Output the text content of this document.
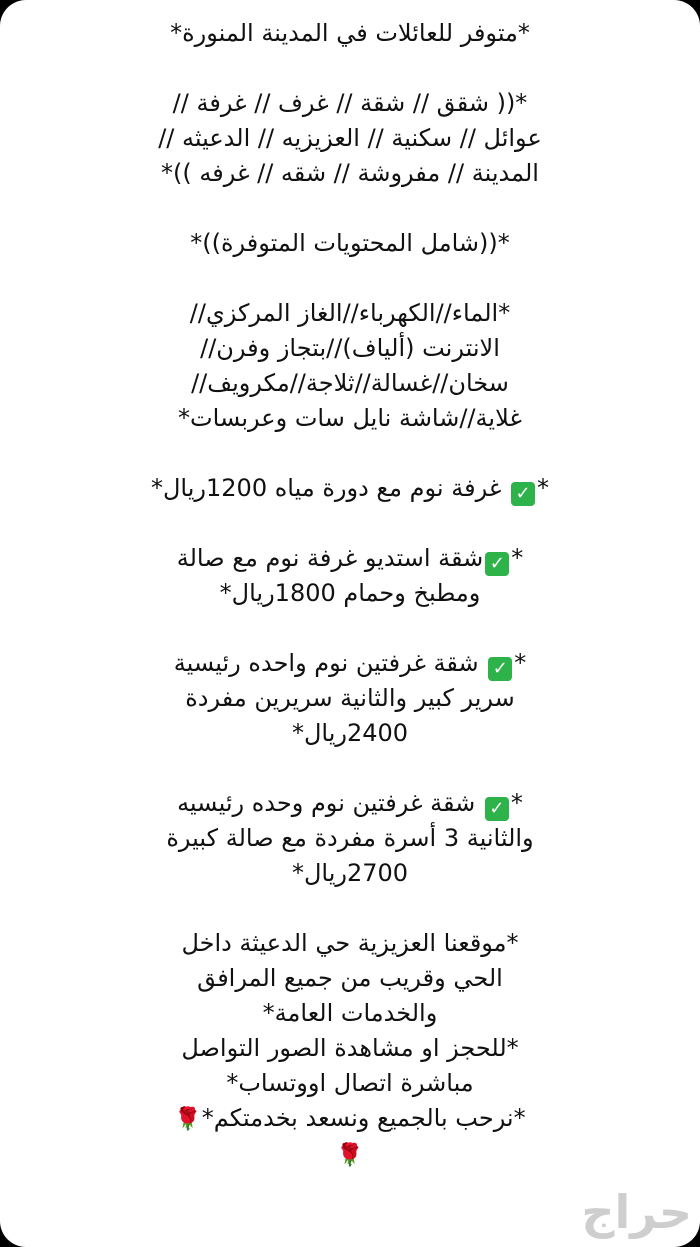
*متوفر للعائلات في المدينة المنورة*
*(( شقق // شقة // غرف // غرفة //
عوائل // سكنية // العزيزيه // الدعيثه //
المدينة // مفروشة // شقه // غرفه ))*
*((شامل المحتويات المتوفرة))*
*الماء//الكهرباء//الغاز المركزي//
الانترنت (ألياف)//بتجاز وفرن//
سخان//غسالة//ثلاجة//مكرويف//
غلاية//شاشة نايل سات وعربسات*
*✓ غرفة نوم مع دورة مياه 1200ريال*
*✓شقة استديو غرفة نوم مع صالة
ومطبخ وحمام 1800ريال*
*✓ شقة غرفتين نوم واحده رئيسية
سرير كبير والثانية سريرين مفردة
2400ريال*
*✓ شقة غرفتين نوم وحده رئيسيه
والثانية 3 أسرة مفردة مع صالة كبيرة
2700ريال*
*موقعنا العزيزية حي الدعيثة داخل
الحي وقريب من جميع المرافق
والخدمات العامة*
*للحجز او مشاهدة الصور التواصل
مباشرة اتصال اووتساب*
*نرحب بالجميع ونسعد بخدمتكم*🌹
🌹
حراج
